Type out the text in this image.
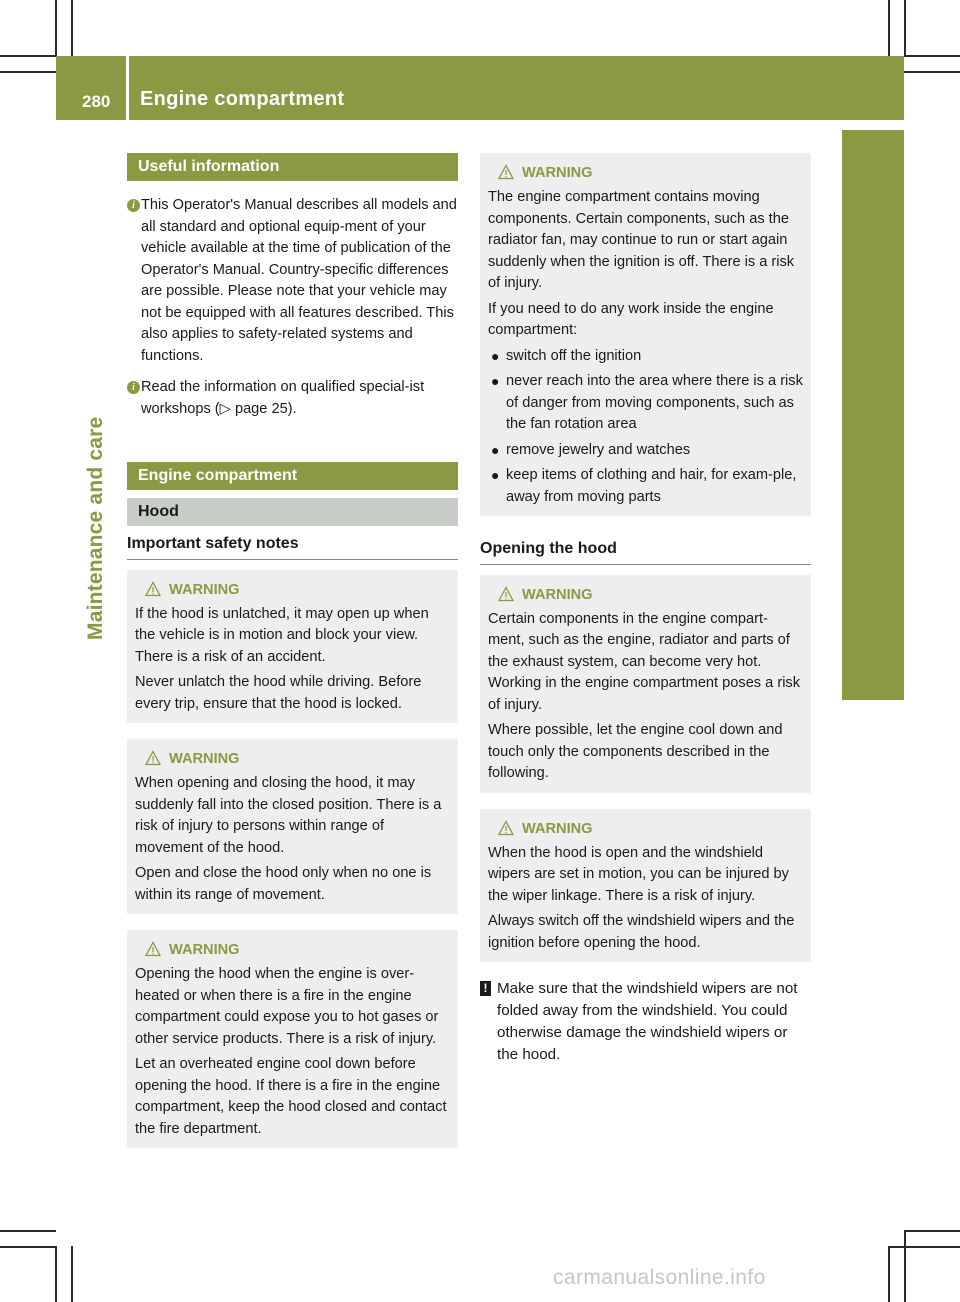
280 Engine compartment
Maintenance and care
Useful information
i This Operator's Manual describes all models and all standard and optional equip-ment of your vehicle available at the time of publication of the Operator's Manual. Country-specific differences are possible. Please note that your vehicle may not be equipped with all features described. This also applies to safety-related systems and functions.
i Read the information on qualified special-ist workshops (▷ page 25).
Engine compartment
Hood
Important safety notes
WARNING

If the hood is unlatched, it may open up when the vehicle is in motion and block your view. There is a risk of an accident.

Never unlatch the hood while driving. Before every trip, ensure that the hood is locked.

WARNING

When opening and closing the hood, it may suddenly fall into the closed position. There is a risk of injury to persons within range of movement of the hood.

Open and close the hood only when no one is within its range of movement.

WARNING

Opening the hood when the engine is over-heated or when there is a fire in the engine compartment could expose you to hot gases or other service products. There is a risk of injury.

Let an overheated engine cool down before opening the hood. If there is a fire in the engine compartment, keep the hood closed and contact the fire department.

WARNING

The engine compartment contains moving components. Certain components, such as the radiator fan, may continue to run or start again suddenly when the ignition is off. There is a risk of injury.

If you need to do any work inside the engine compartment:

● switch off the ignition
● never reach into the area where there is a risk of danger from moving components, such as the fan rotation area
● remove jewelry and watches
● keep items of clothing and hair, for exam-ple, away from moving parts
Opening the hood
WARNING

Certain components in the engine compart-ment, such as the engine, radiator and parts of the exhaust system, can become very hot. Working in the engine compartment poses a risk of injury.

Where possible, let the engine cool down and touch only the components described in the following.

WARNING

When the hood is open and the windshield wipers are set in motion, you can be injured by the wiper linkage. There is a risk of injury.

Always switch off the windshield wipers and the ignition before opening the hood.

! Make sure that the windshield wipers are not folded away from the windshield. You could otherwise damage the windshield wipers or the hood.
carmanualsonline.info
